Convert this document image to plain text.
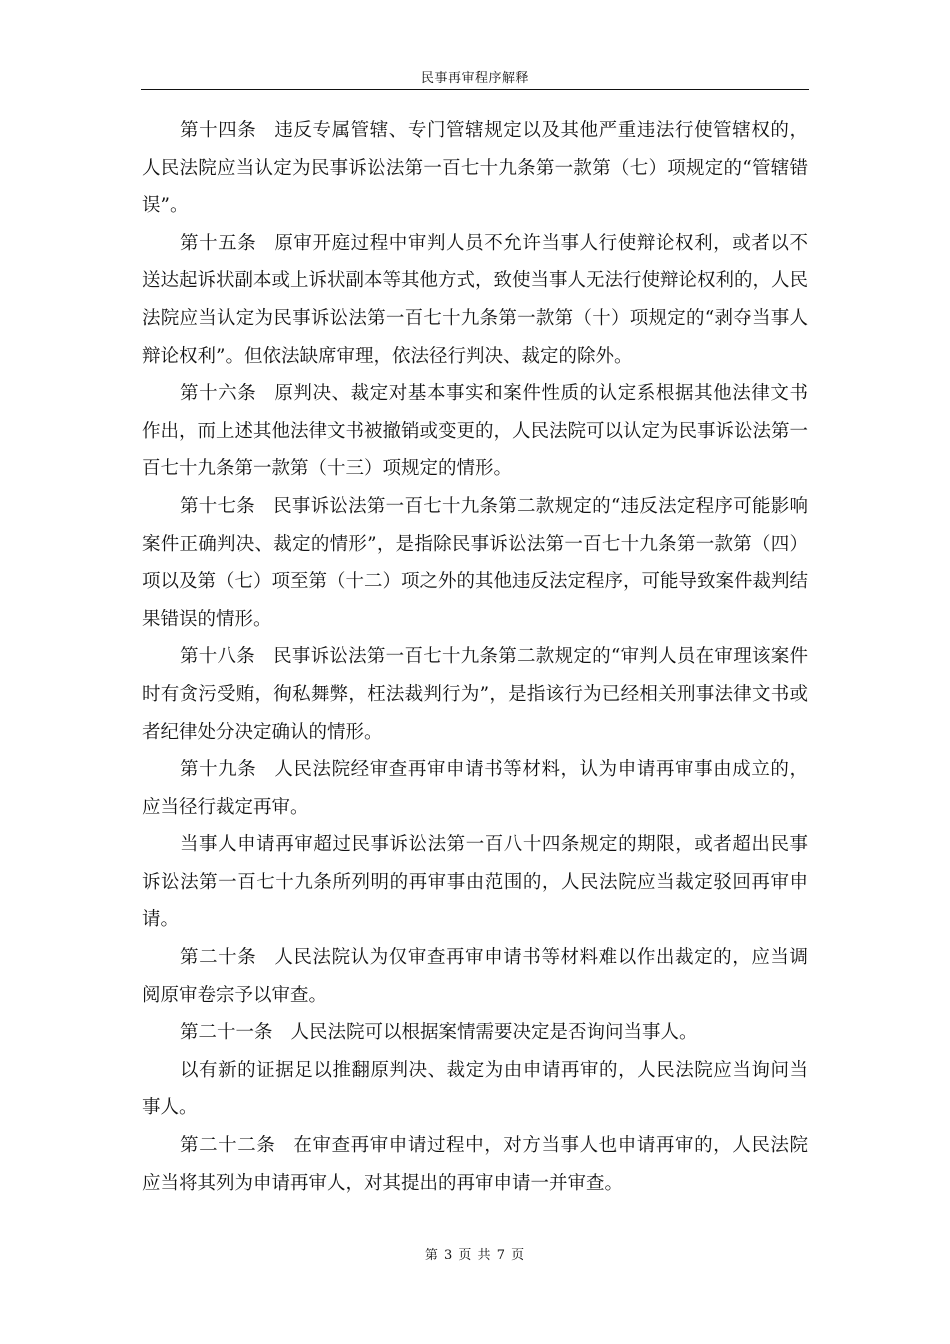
民事再审程序解释

第十四条 违反专属管辖、专门管辖规定以及其他严重违法行使管辖权的，人民法院应当认定为民事诉讼法第一百七十九条第一款第（七）项规定的“管辖错误”。

第十五条 原审开庭过程中审判人员不允许当事人行使辩论权利，或者以不送达起诉状副本或上诉状副本等其他方式，致使当事人无法行使辩论权利的，人民法院应当认定为民事诉讼法第一百七十九条第一款第（十）项规定的“剥夺当事人辩论权利”。但依法缺席审理，依法径行判决、裁定的除外。

第十六条 原判决、裁定对基本事实和案件性质的认定系根据其他法律文书作出，而上述其他法律文书被撤销或变更的，人民法院可以认定为民事诉讼法第一百七十九条第一款第（十三）项规定的情形。

第十七条 民事诉讼法第一百七十九条第二款规定的“违反法定程序可能影响案件正确判决、裁定的情形”，是指除民事诉讼法第一百七十九条第一款第（四）项以及第（七）项至第（十二）项之外的其他违反法定程序，可能导致案件裁判结果错误的情形。

第十八条 民事诉讼法第一百七十九条第二款规定的“审判人员在审理该案件时有贪污受贿，徇私舞弊，枉法裁判行为”，是指该行为已经相关刑事法律文书或者纪律处分决定确认的情形。

第十九条 人民法院经审查再审申请书等材料，认为申请再审事由成立的，应当径行裁定再审。

当事人申请再审超过民事诉讼法第一百八十四条规定的期限，或者超出民事诉讼法第一百七十九条所列明的再审事由范围的，人民法院应当裁定驳回再审申请。

第二十条 人民法院认为仅审查再审申请书等材料难以作出裁定的，应当调阅原审卷宗予以审查。

第二十一条 人民法院可以根据案情需要决定是否询问当事人。

以有新的证据足以推翻原判决、裁定为由申请再审的，人民法院应当询问当事人。

第二十二条 在审查再审申请过程中，对方当事人也申请再审的，人民法院应当将其列为申请再审人，对其提出的再审申请一并审查。

第 3 页 共 7 页
